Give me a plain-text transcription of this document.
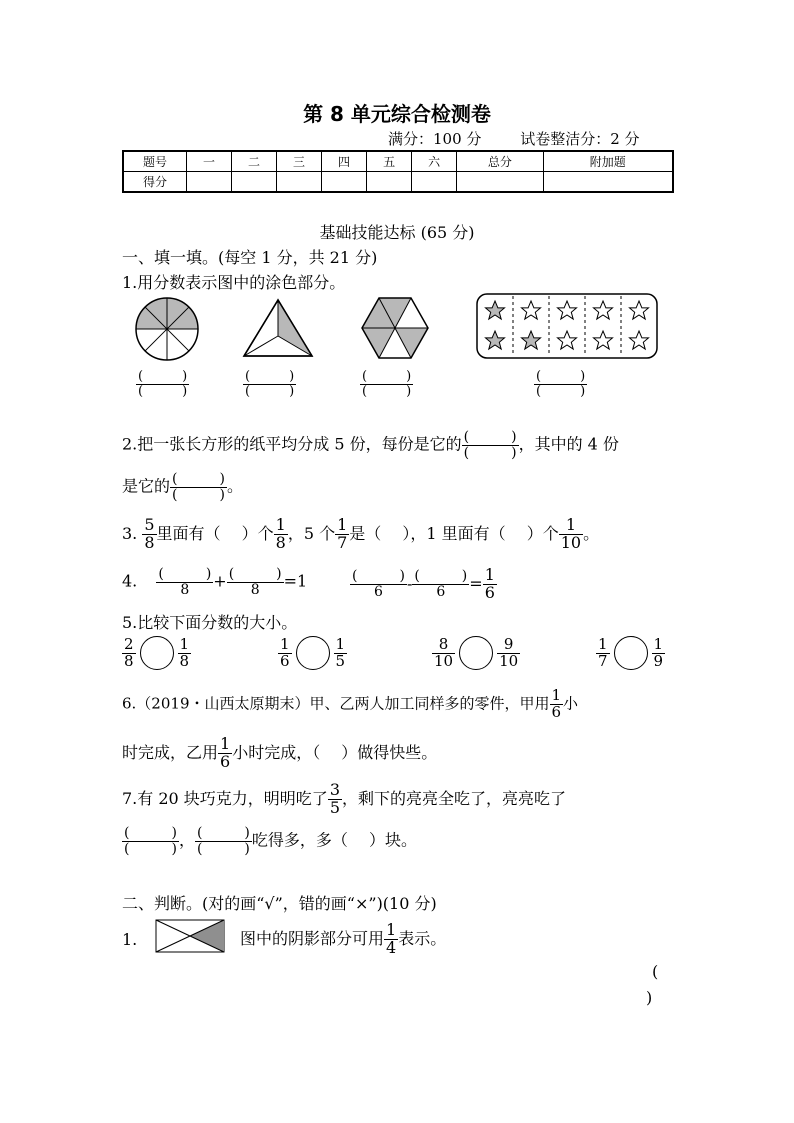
第 8 单元综合检测卷
满分：100 分	试卷整洁分：2 分
题号	一	二	三	四	五	六	总分	附加题
得分								
基础技能达标 (65 分)
一、填一填。(每空 1 分，共 21 分)
1.用分数表示图中的涂色部分。
(　　　)
(　　　)
(　　　)
(　　　)
(　　　)
(　　　)
(　　　)
(　　　)
2.把一张长方形的纸平均分成 5 份，每份是它的 (　　　)
(　　　) ，其中的 4 份
是它的 (　　　)
(　　　) 。
3. $\frac{5}{8}$ 里面有（　 ）个 $\frac{1}{8}$ ，5 个 $\frac{1}{7}$ 是（　 ），1 里面有（　 ）个 $\frac{1}{10}$ 。
4. (　　　)
8	+ (　　　)
8	=1	(　　　)
6	- (　　　)
6	= $\frac{1}{6}$
5.比较下面分数的大小。
$\frac{2}{8}$	$\frac{1}{8}$	$\frac{1}{6}$	$\frac{1}{5}$	$\frac{8}{10}$	$\frac{9}{10}$	$\frac{1}{7}$	$\frac{1}{9}$
6.（2019・山西太原期末）甲、乙两人加工同样多的零件，甲用 $\frac{1}{6}$ 小
时完成，乙用 $\frac{1}{6}$ 小时完成，（　 ）做得快些。
7.有 20 块巧克力，明明吃了 $\frac{3}{5}$ ，剩下的亮亮全吃了，亮亮吃了
(　　　)
(　　　) ， (　　　)
(　　　) 吃得多，多（　 ）块。
二、判断。(对的画“√”，错的画“×”)(10 分)
1.	图中的阴影部分可用 $\frac{1}{4}$ 表示。
(
)
